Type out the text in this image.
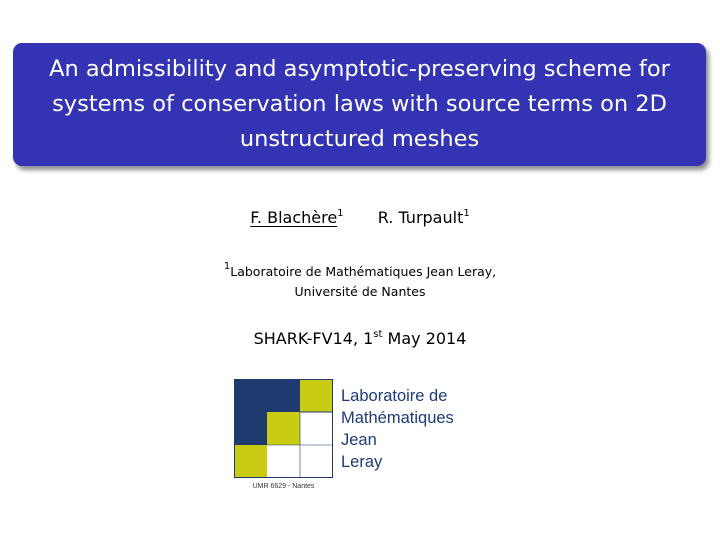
An admissibility and asymptotic-preserving scheme for
systems of conservation laws with source terms on 2D
unstructured meshes
F. Blachère$^1$ R. Turpault$^1$
$^1$Laboratoire de Mathématiques Jean Leray,
Université de Nantes
SHARK-FV14, 1st May 2014
Laboratoire de
Mathématiques
Jean
Leray
UMR 6629 - Nantes
